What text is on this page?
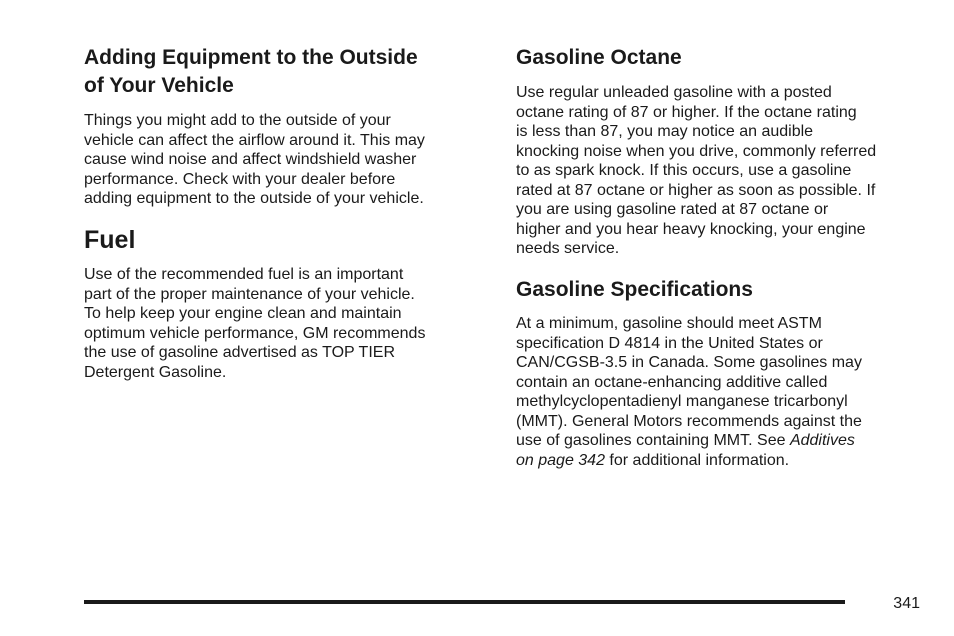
Adding Equipment to the Outside
of Your Vehicle

Things you might add to the outside of your

vehicle can affect the airflow around it. This may

cause wind noise and affect windshield washer

performance. Check with your dealer before

adding equipment to the outside of your vehicle.

Fuel

Use of the recommended fuel is an important

part of the proper maintenance of your vehicle.

To help keep your engine clean and maintain

optimum vehicle performance, GM recommends

the use of gasoline advertised as TOP TIER

Detergent Gasoline.

Gasoline Octane

Use regular unleaded gasoline with a posted

octane rating of 87 or higher. If the octane rating

is less than 87, you may notice an audible

knocking noise when you drive, commonly referred

to as spark knock. If this occurs, use a gasoline

rated at 87 octane or higher as soon as possible. If

you are using gasoline rated at 87 octane or

higher and you hear heavy knocking, your engine

needs service.

Gasoline Specifications

At a minimum, gasoline should meet ASTM

specification D 4814 in the United States or

CAN/CGSB-3.5 in Canada. Some gasolines may

contain an octane-enhancing additive called

methylcyclopentadienyl manganese tricarbonyl

(MMT). General Motors recommends against the

use of gasolines containing MMT. See Additives

on page 342 for additional information.

341
